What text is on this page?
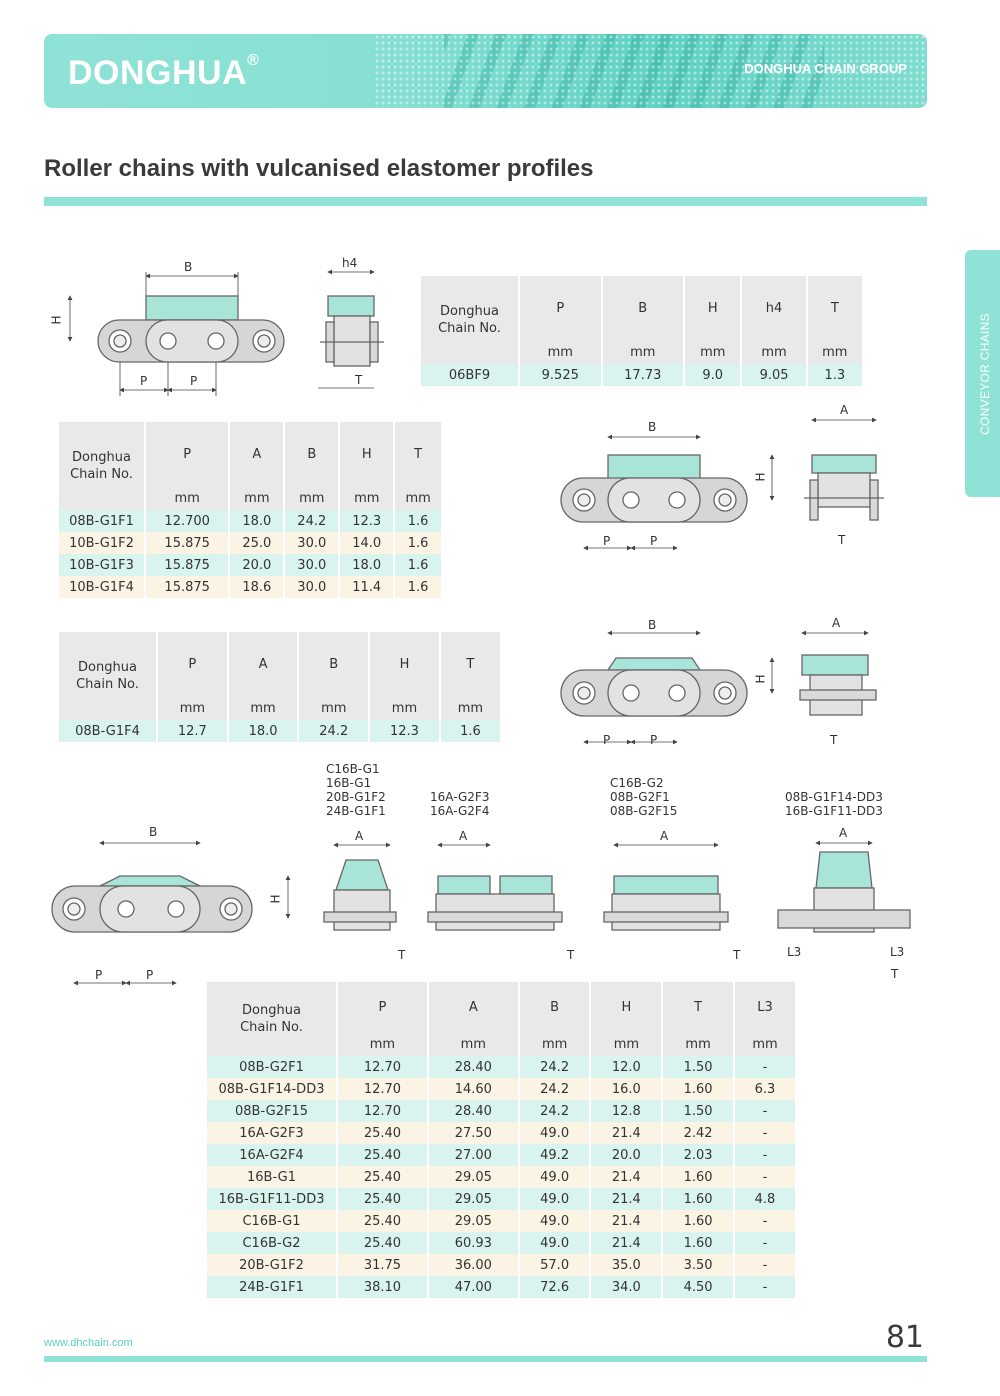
DONGHUA®	DONGHUA CHAIN GROUP
Roller chains with vulcanised elastomer profiles
CONVEYOR CHAINS
B
H
P	P
h4
T
B
H
P	P
A
T
B
H
P	P
A
T
C16B-G1
16B-G1
20B-G1F2
24B-G1F1
16A-G2F3
16A-G2F4
C16B-G2
08B-G2F1
08B-G2F15
08B-G1F14-DD3
16B-G1F11-DD3
B
H
P	P
A
T
A
T
A
T
A
L3	L3
T
Donghua
Chain No.	P	B	H	h4	T
	mm	mm	mm	mm	mm
06BF9	9.525	17.73	9.0	9.05	1.3
Donghua
Chain No.	P	A	B	H	T
	mm	mm	mm	mm	mm
08B-G1F1	12.700	18.0	24.2	12.3	1.6
10B-G1F2	15.875	25.0	30.0	14.0	1.6
10B-G1F3	15.875	20.0	30.0	18.0	1.6
10B-G1F4	15.875	18.6	30.0	11.4	1.6
Donghua
Chain No.	P	A	B	H	T
	mm	mm	mm	mm	mm
08B-G1F4	12.7	18.0	24.2	12.3	1.6
Donghua
Chain No.	P	A	B	H	T	L3
	mm	mm	mm	mm	mm	mm
08B-G2F1	12.70	28.40	24.2	12.0	1.50	-
08B-G1F14-DD3	12.70	14.60	24.2	16.0	1.60	6.3
08B-G2F15	12.70	28.40	24.2	12.8	1.50	-
16A-G2F3	25.40	27.50	49.0	21.4	2.42	-
16A-G2F4	25.40	27.00	49.2	20.0	2.03	-
16B-G1	25.40	29.05	49.0	21.4	1.60	-
16B-G1F11-DD3	25.40	29.05	49.0	21.4	1.60	4.8
C16B-G1	25.40	29.05	49.0	21.4	1.60	-
C16B-G2	25.40	60.93	49.0	21.4	1.60	-
20B-G1F2	31.75	36.00	57.0	35.0	3.50	-
24B-G1F1	38.10	47.00	72.6	34.0	4.50	-
www.dhchain.com	81
